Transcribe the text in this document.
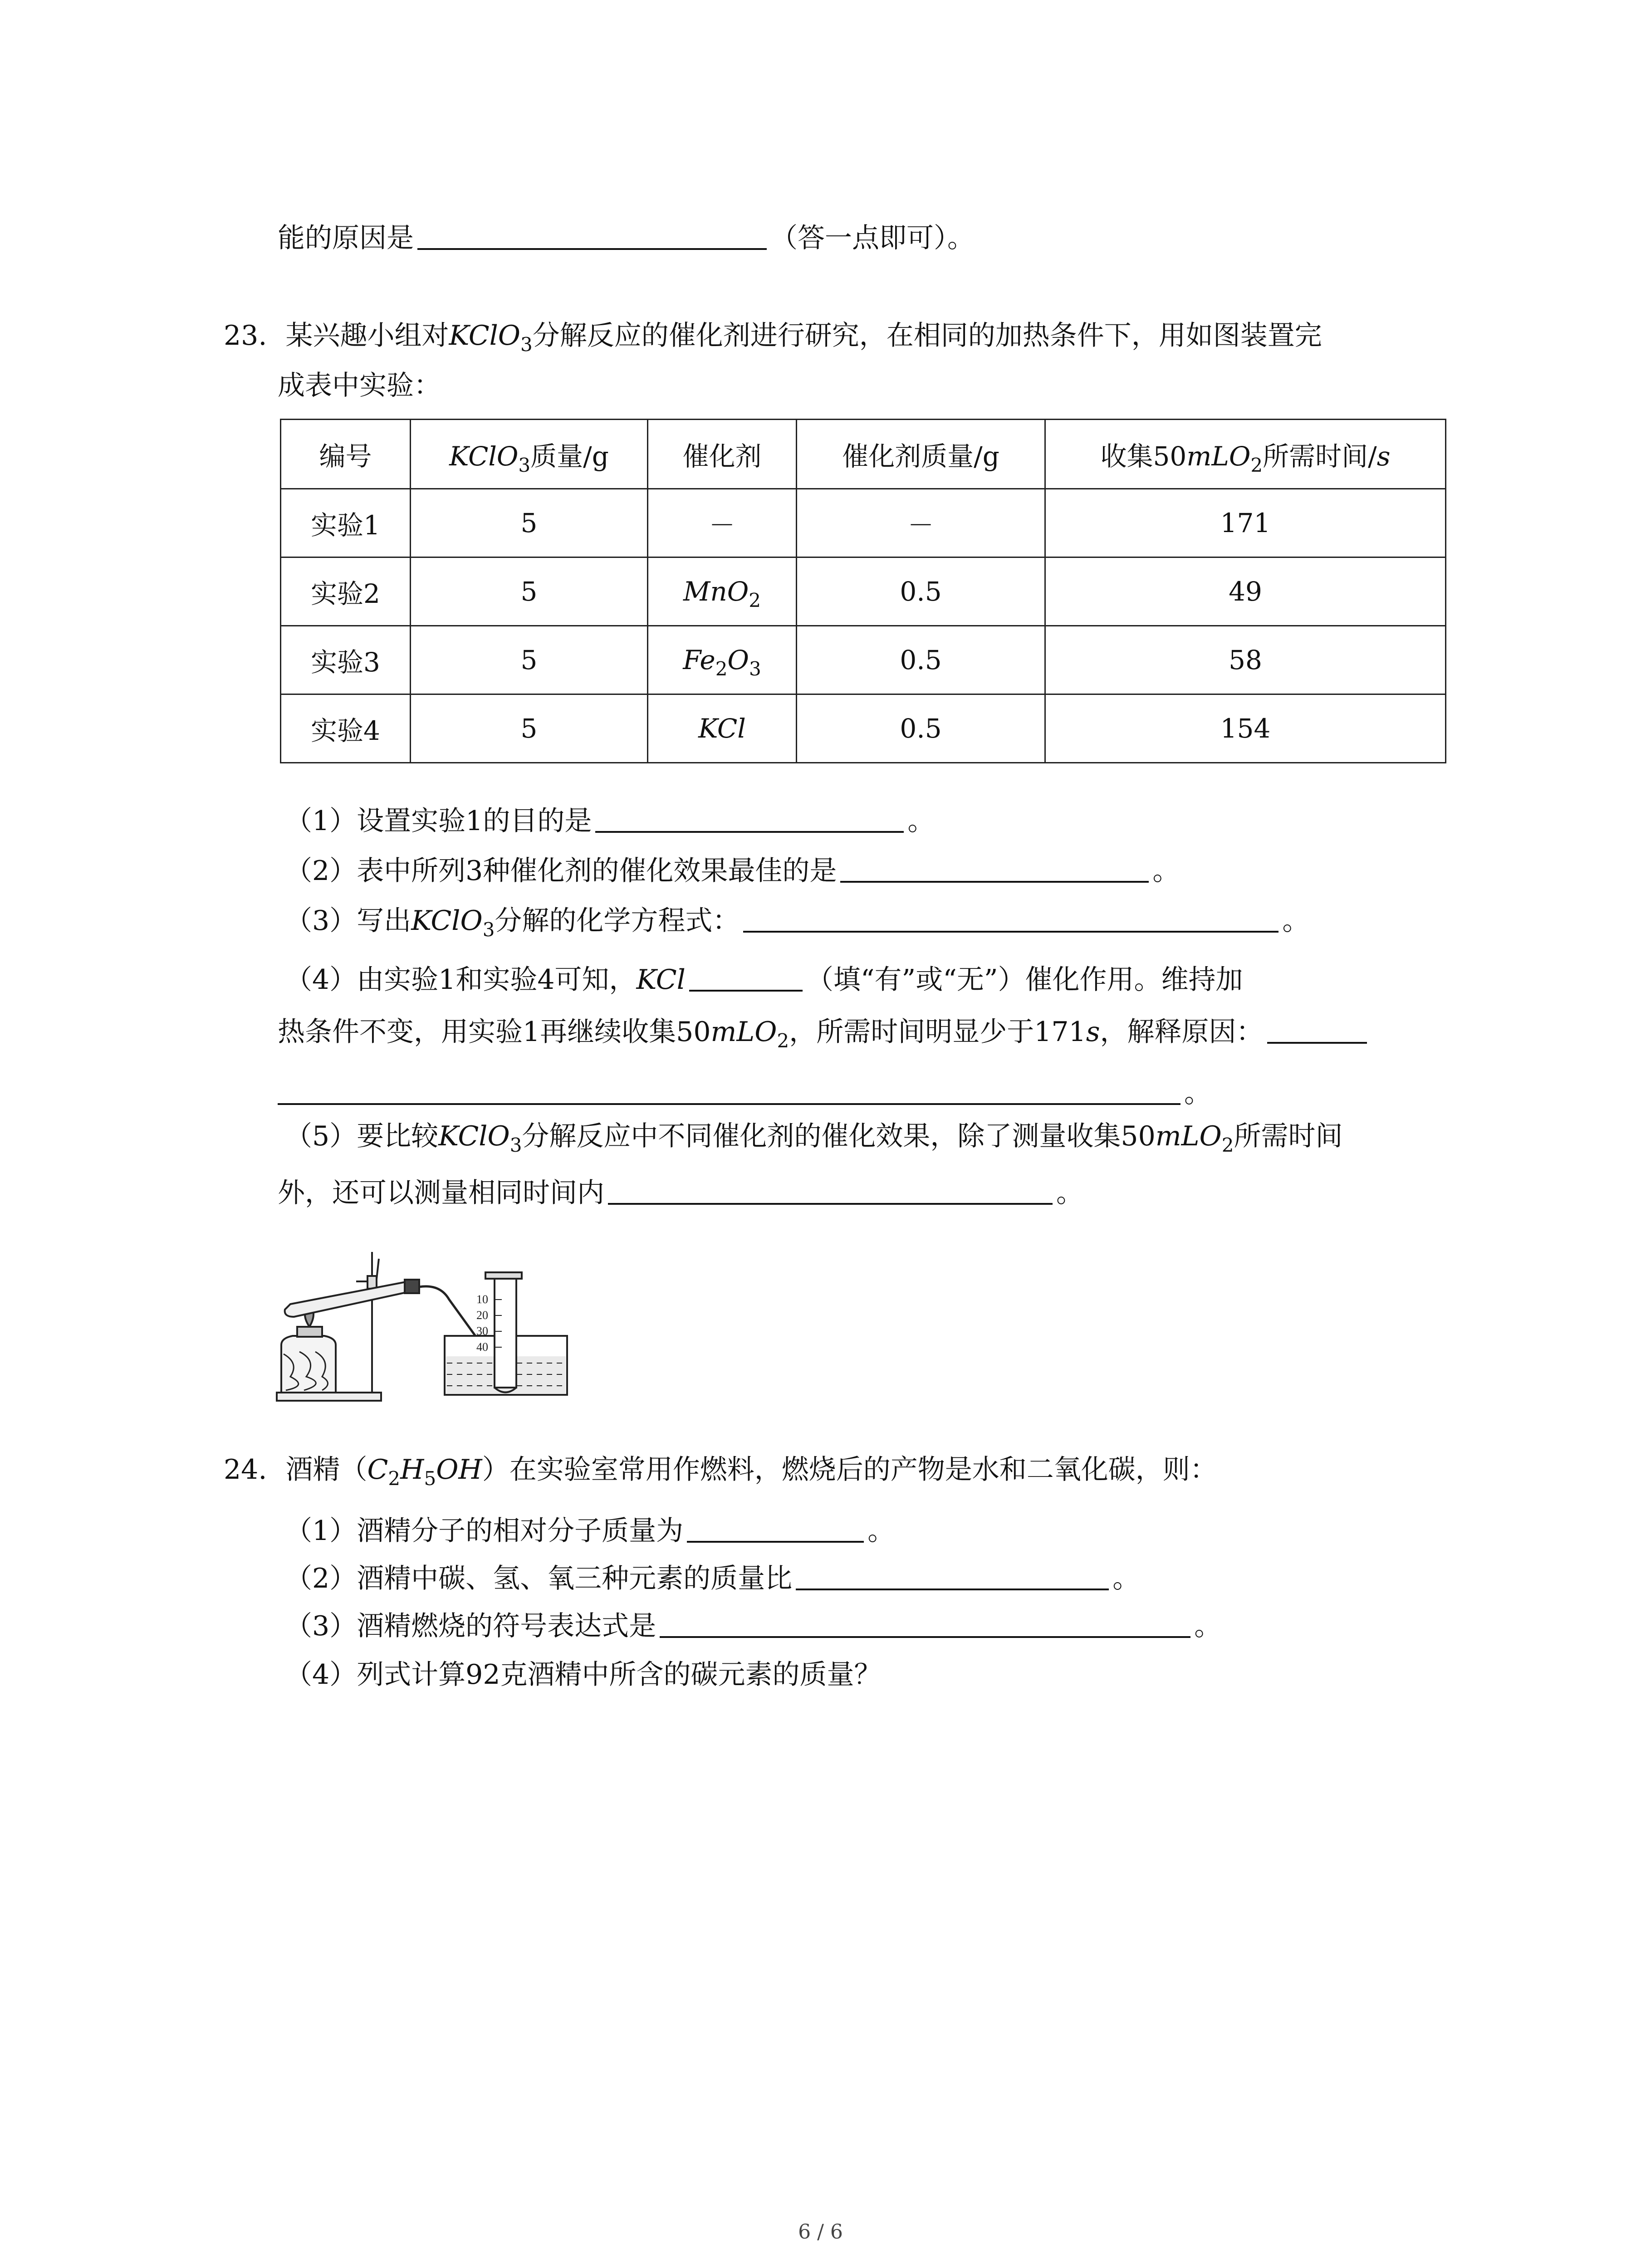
能的原因是	（答一点即可）。
23. 某兴趣小组对KClO$_3$分解反应的催化剂进行研究，在相同的加热条件下，用如图装置完
成表中实验：
编号	KClO$_3$质量/g	催化剂	催化剂质量/g	收集50mLO$_2$所需时间/s
实验1	5	－	－	171
实验2	5	MnO$_2$	0.5	49
实验3	5	$Fe_2O_3$	0.5	58
实验4	5	KCl	0.5	154
（1）设置实验1的目的是	。
（2）表中所列3种催化剂的催化效果最佳的是	。
（3）写出KClO$_3$分解的化学方程式：	。
（4）由实验1和实验4可知，KCl	（填“有”或“无”）催化作用。维持加
热条件不变，用实验1再继续收集50mLO$_2$，所需时间明显少于171s，解释原因：
。
（5）要比较KClO$_3$分解反应中不同催化剂的催化效果，除了测量收集50mLO$_2$所需时间
外，还可以测量相同时间内	。
10
20
30
40
24. 酒精$(C_2H_5OH)$在实验室常用作燃料，燃烧后的产物是水和二氧化碳，则：
（1）酒精分子的相对分子质量为	。
（2）酒精中碳、氢、氧三种元素的质量比	。
（3）酒精燃烧的符号表达式是	。
（4）列式计算92克酒精中所含的碳元素的质量？
6 / 6
